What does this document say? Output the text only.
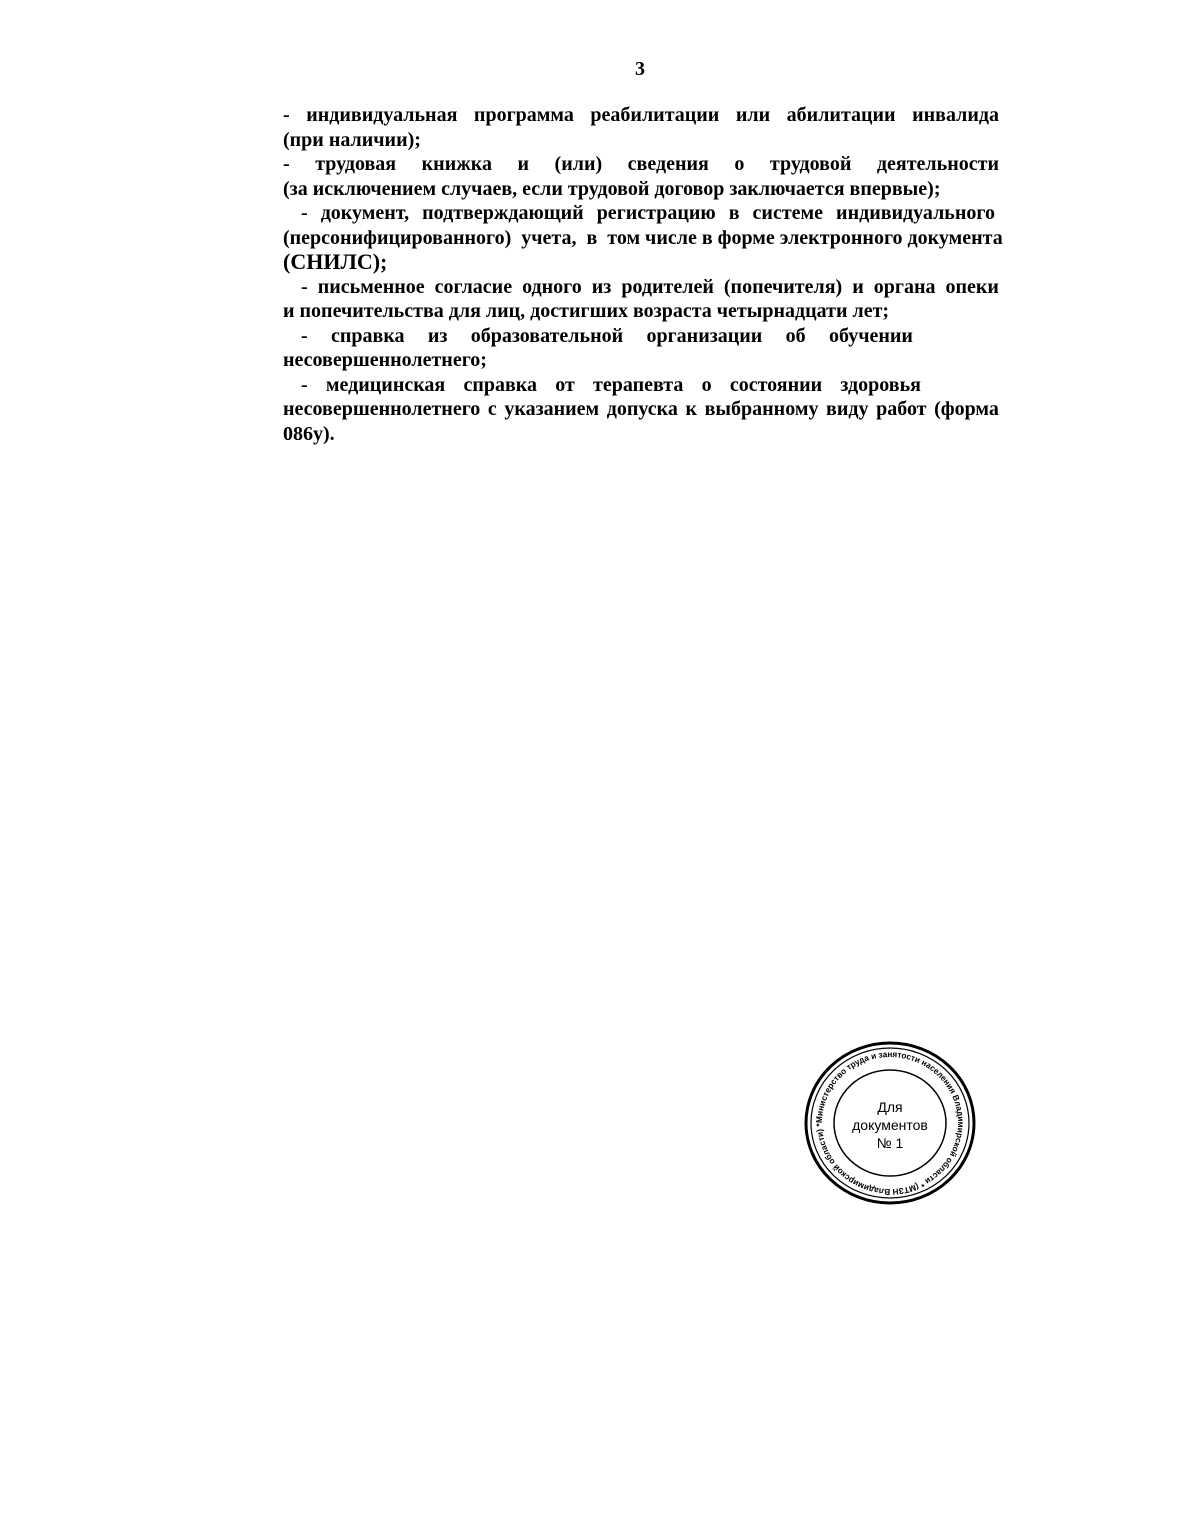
3
- индивидуальная программа реабилитации или абилитации инвалида
(при наличии);
- трудовая книжка и (или) сведения о трудовой деятельности
(за исключением случаев, если трудовой договор заключается впервые);
- документ, подтверждающий регистрацию в системе индивидуального
(персонифицированного)  учета,  в  том числе в форме электронного документа
(СНИЛС);
- письменное согласие одного из родителей (попечителя) и органа опеки
и попечительства для лиц, достигших возраста четырнадцати лет;
- справка из образовательной организации об обучении
несовершеннолетнего;
- медицинская справка от терапевта о состоянии здоровья
несовершеннолетнего с указанием допуска к выбранному виду работ (форма
086у).
Министерство труда и занятости населения Владимирской области * (МТЗН Владимирской области) *
Для
документов
№ 1
